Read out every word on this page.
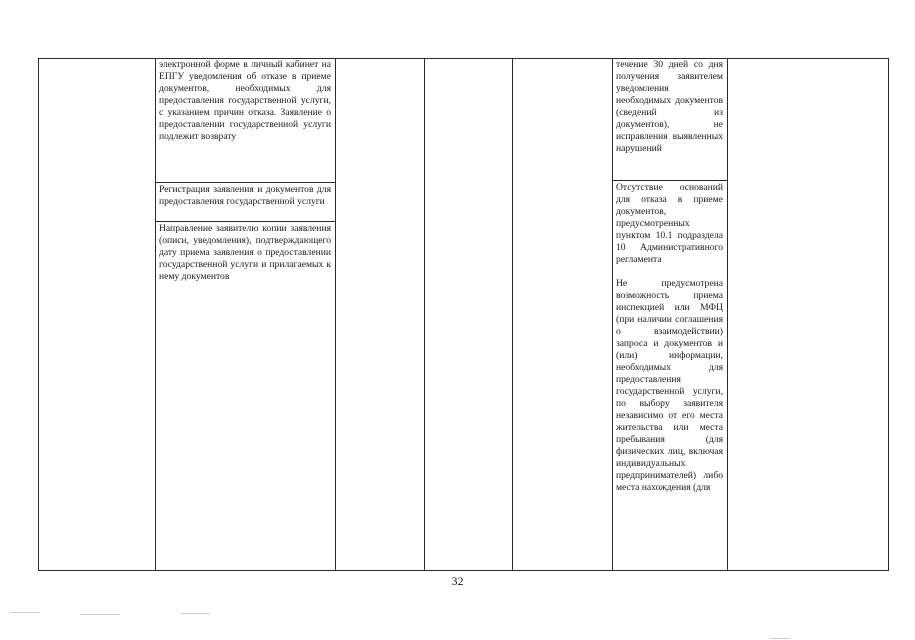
электронной форме в личный кабинет на ЕПГУ уведомления об отказе в приеме документов, необходимых для предоставления государственной услуги, с указанием причин отказа. Заявление о предоставлении государственной услуги подлежит возврату

Регистрация заявления и документов для предоставления государственной услуги

Направление заявителю копии заявления (описи, уведомления), подтверждающего дату приема заявления о предоставлении государственной услуги и прилагаемых к нему документов

течение 30 дней со дня получения заявителем уведомления необходимых документов (сведений из документов), не исправления выявленных нарушений

Отсутствие оснований для отказа в приеме документов, предусмотренных пунктом 10.1 подраздела 10 Административного регламента

Не предусмотрена возможность приема инспекцией или МФЦ (при наличии соглашения о взаимодействии) запроса и документов и (или) информации, необходимых для предоставления государственной услуги, по выбору заявителя независимо от его места жительства или места пребывания (для физических лиц, включая индивидуальных предпринимателей) либо места нахождения (для

32
